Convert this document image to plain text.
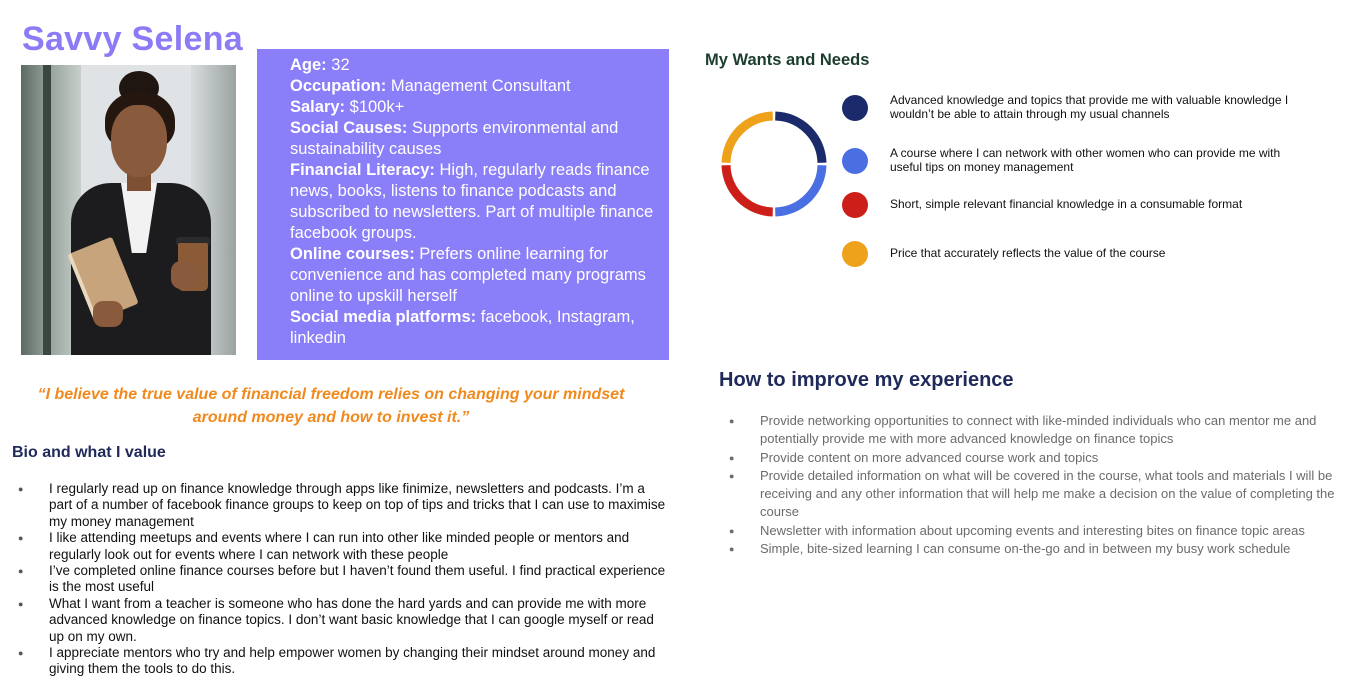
Savvy Selena

Age: 32

Occupation: Management Consultant

Salary: $100k+

Social Causes: Supports environmental and sustainability causes

Financial Literacy: High, regularly reads finance news, books, listens to finance podcasts and subscribed to newsletters. Part of multiple finance facebook groups.

Online courses: Prefers online learning for convenience and has completed many programs online to upskill herself

Social media platforms: facebook, Instagram, linkedin

“I believe the true value of financial freedom relies on changing your mindset around money and how to invest it.”
Bio and what I value
● I regularly read up on finance knowledge through apps like finimize, newsletters and podcasts. I’m a part of a number of facebook finance groups to keep on top of tips and tricks that I can use to maximise my money management
● I like attending meetups and events where I can run into other like minded people or mentors and regularly look out for events where I can network with these people
● I’ve completed online finance courses before but I haven’t found them useful. I find practical experience is the most useful
● What I want from a teacher is someone who has done the hard yards and can provide me with more advanced knowledge on finance topics. I don’t want basic knowledge that I can google myself or read up on my own.
● I appreciate mentors who try and help empower women by changing their mindset around money and giving them the tools to do this.
My Wants and Needs
Advanced knowledge and topics that provide me with valuable knowledge I wouldn’t be able to attain through my usual channels
A course where I can network with other women who can provide me with useful tips on money management
Short, simple relevant financial knowledge in a consumable format
Price that accurately reflects the value of the course
How to improve my experience
● Provide networking opportunities to connect with like-minded individuals who can mentor me and potentially provide me with more advanced knowledge on finance topics
● Provide content on more advanced course work and topics
● Provide detailed information on what will be covered in the course, what tools and materials I will be receiving and any other information that will help me make a decision on the value of completing the course
● Newsletter with information about upcoming events and interesting bites on finance topic areas
● Simple, bite-sized learning I can consume on-the-go and in between my busy work schedule
